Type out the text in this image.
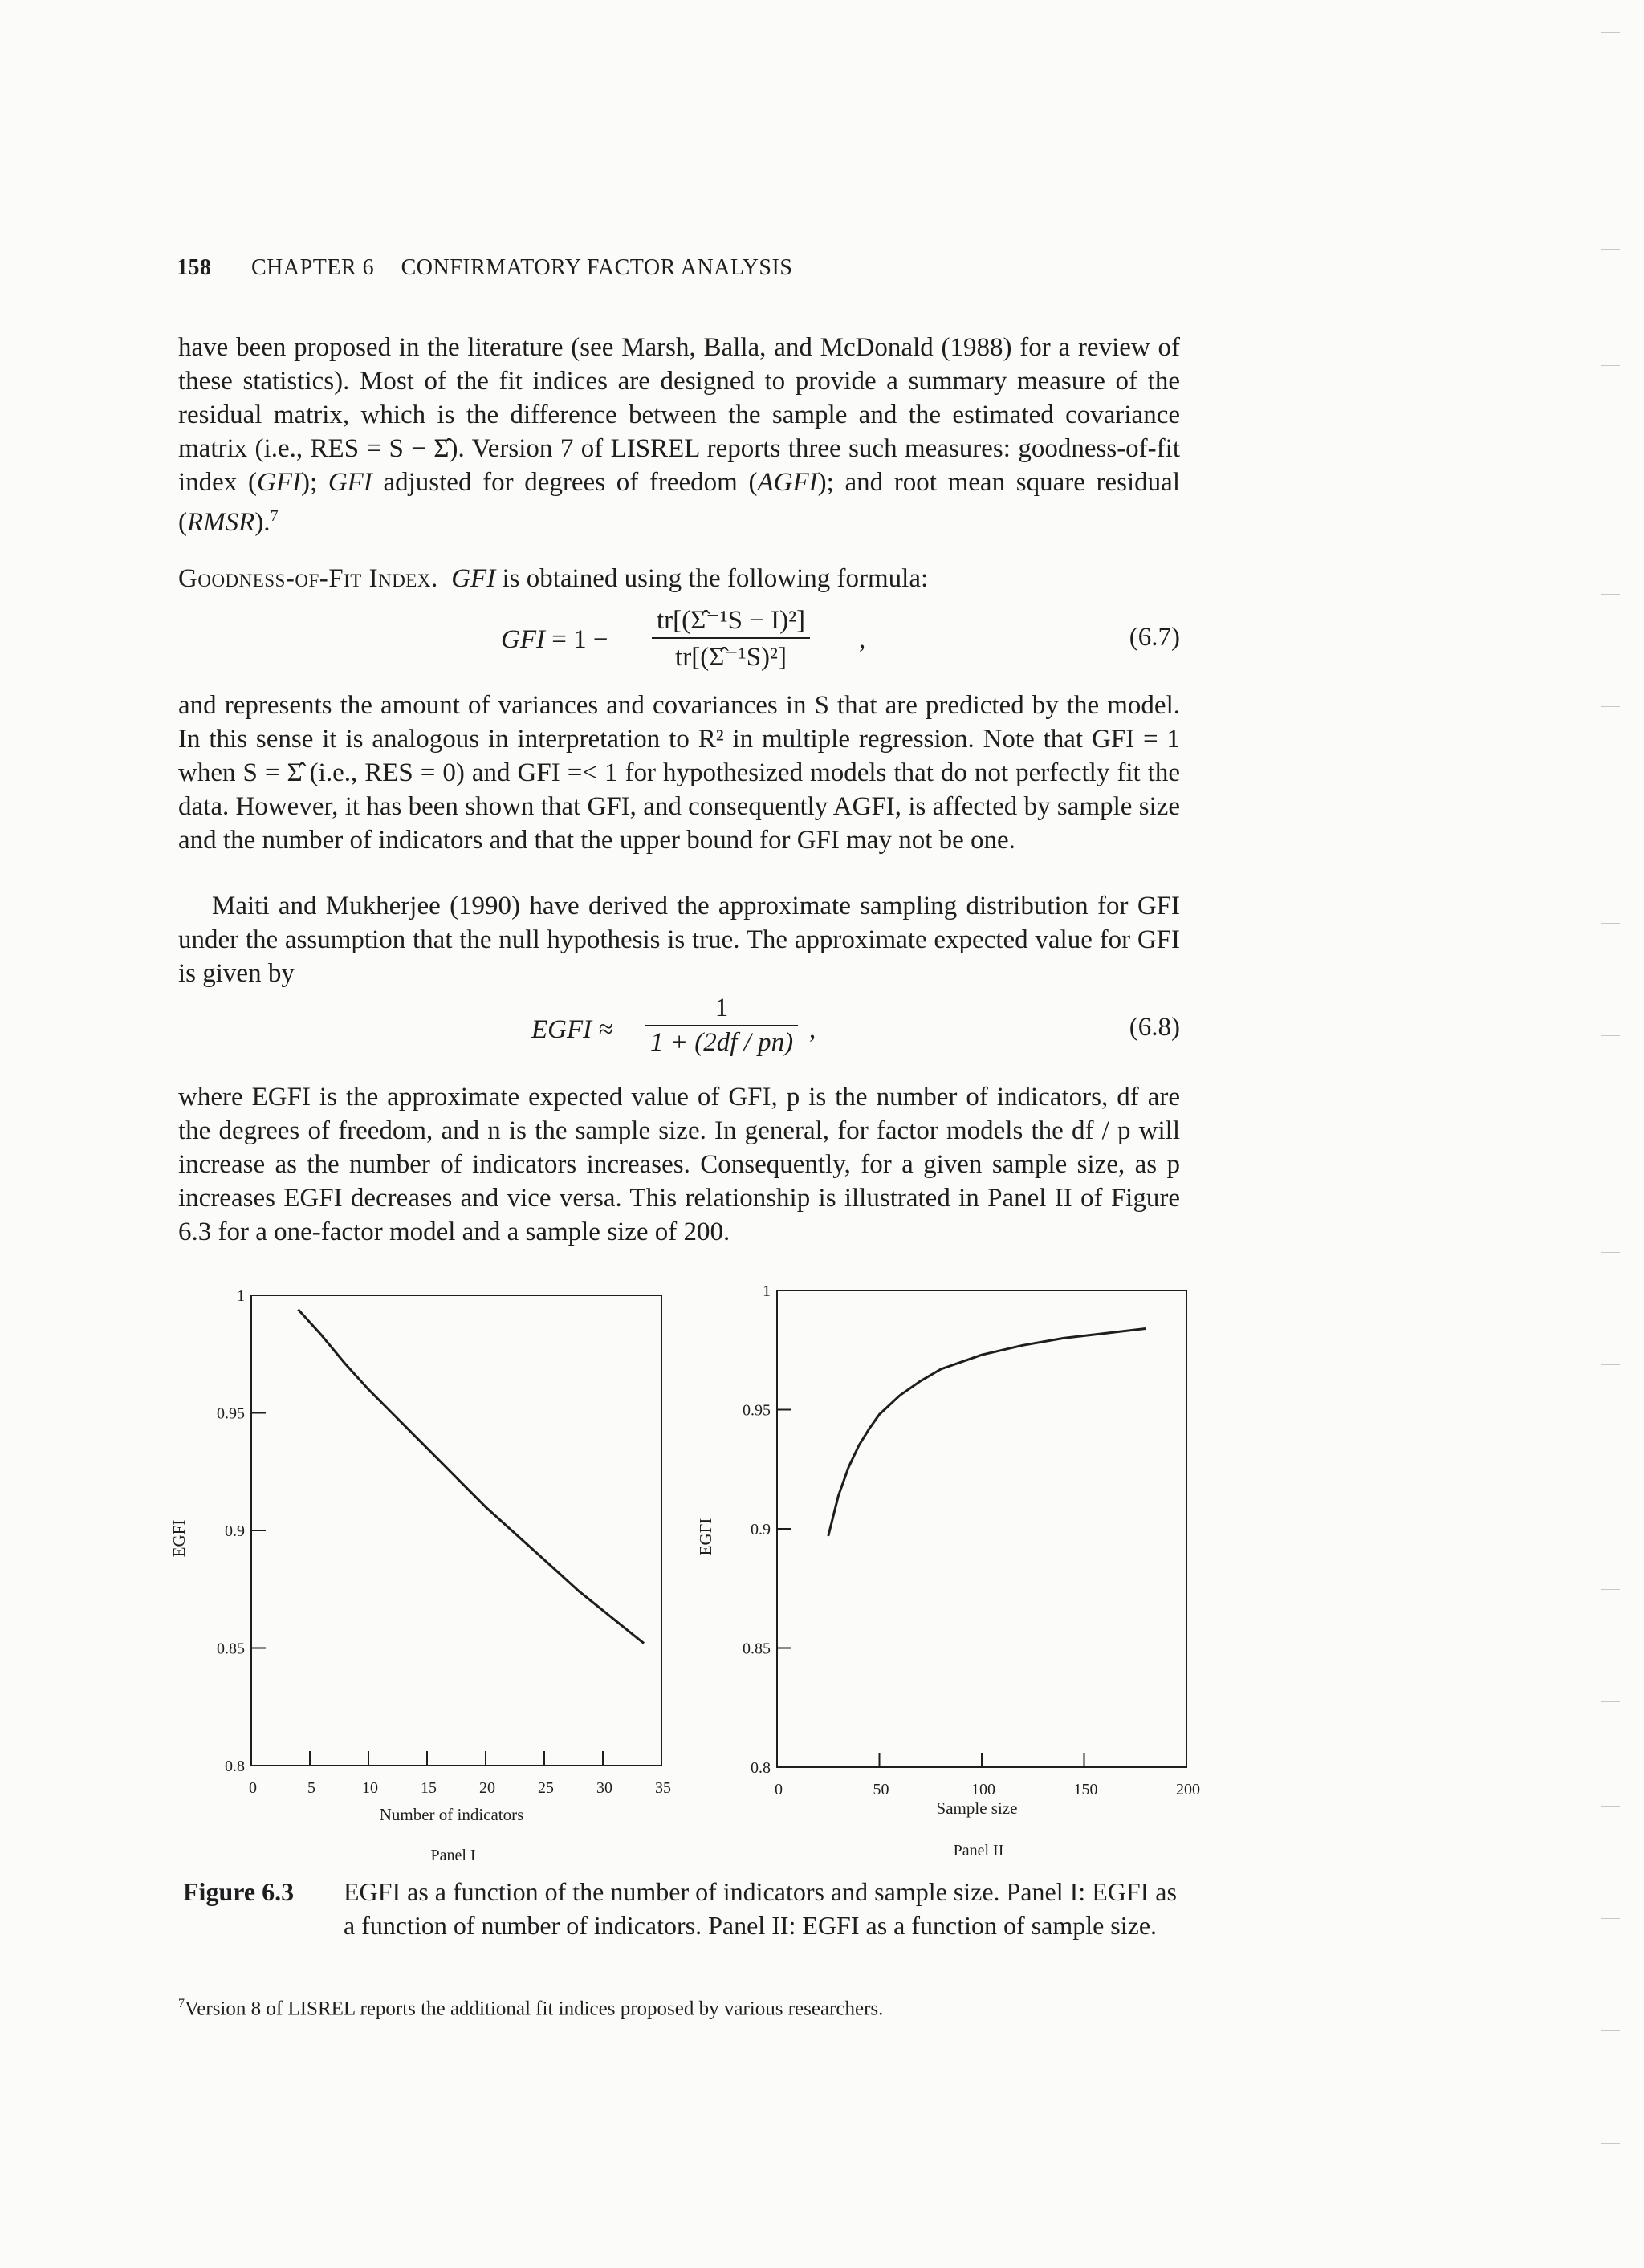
158 CHAPTER 6 CONFIRMATORY FACTOR ANALYSIS

have been proposed in the literature (see Marsh, Balla, and McDonald (1988) for a review of these statistics). Most of the fit indices are designed to provide a summary measure of the residual matrix, which is the difference between the sample and the estimated covariance matrix (i.e., RES = S − Σ̂). Version 7 of LISREL reports three such measures: goodness-of-fit index (GFI); GFI adjusted for degrees of freedom (AGFI); and root mean square residual (RMSR).$^7$

Goodness-of-Fit Index. GFI is obtained using the following formula:

GFI = 1 −
tr[(Σ̂⁻¹S − I)²]
tr[(Σ̂⁻¹S)²]
,	(6.7)

and represents the amount of variances and covariances in S that are predicted by the model. In this sense it is analogous in interpretation to R² in multiple regression. Note that GFI = 1 when S = Σ̂ (i.e., RES = 0) and GFI =< 1 for hypothesized models that do not perfectly fit the data. However, it has been shown that GFI, and consequently AGFI, is affected by sample size and the number of indicators and that the upper bound for GFI may not be one.

Maiti and Mukherjee (1990) have derived the approximate sampling distribution for GFI under the assumption that the null hypothesis is true. The approximate expected value for GFI is given by

EGFI ≈
1
1 + (2df / pn) ,	(6.8)

where EGFI is the approximate expected value of GFI, p is the number of indicators, df are the degrees of freedom, and n is the sample size. In general, for factor models the df / p will increase as the number of indicators increases. Consequently, for a given sample size, as p increases EGFI decreases and vice versa. This relationship is illustrated in Panel II of Figure 6.3 for a one-factor model and a sample size of 200.

0	5	10	15	20	25	30	35
0.8
0.85
0.9
0.95
1
Number of indicators
EGFI
Panel I
0	50	100	150	200
0.8
0.85
0.9
0.95
1
Sample size
EGFI
Panel II
Figure 6.3 EGFI as a function of the number of indicators and sample size. Panel I: EGFI as a function of number of indicators. Panel II: EGFI as a function of sample size.
$^7$Version 8 of LISREL reports the additional fit indices proposed by various researchers.
